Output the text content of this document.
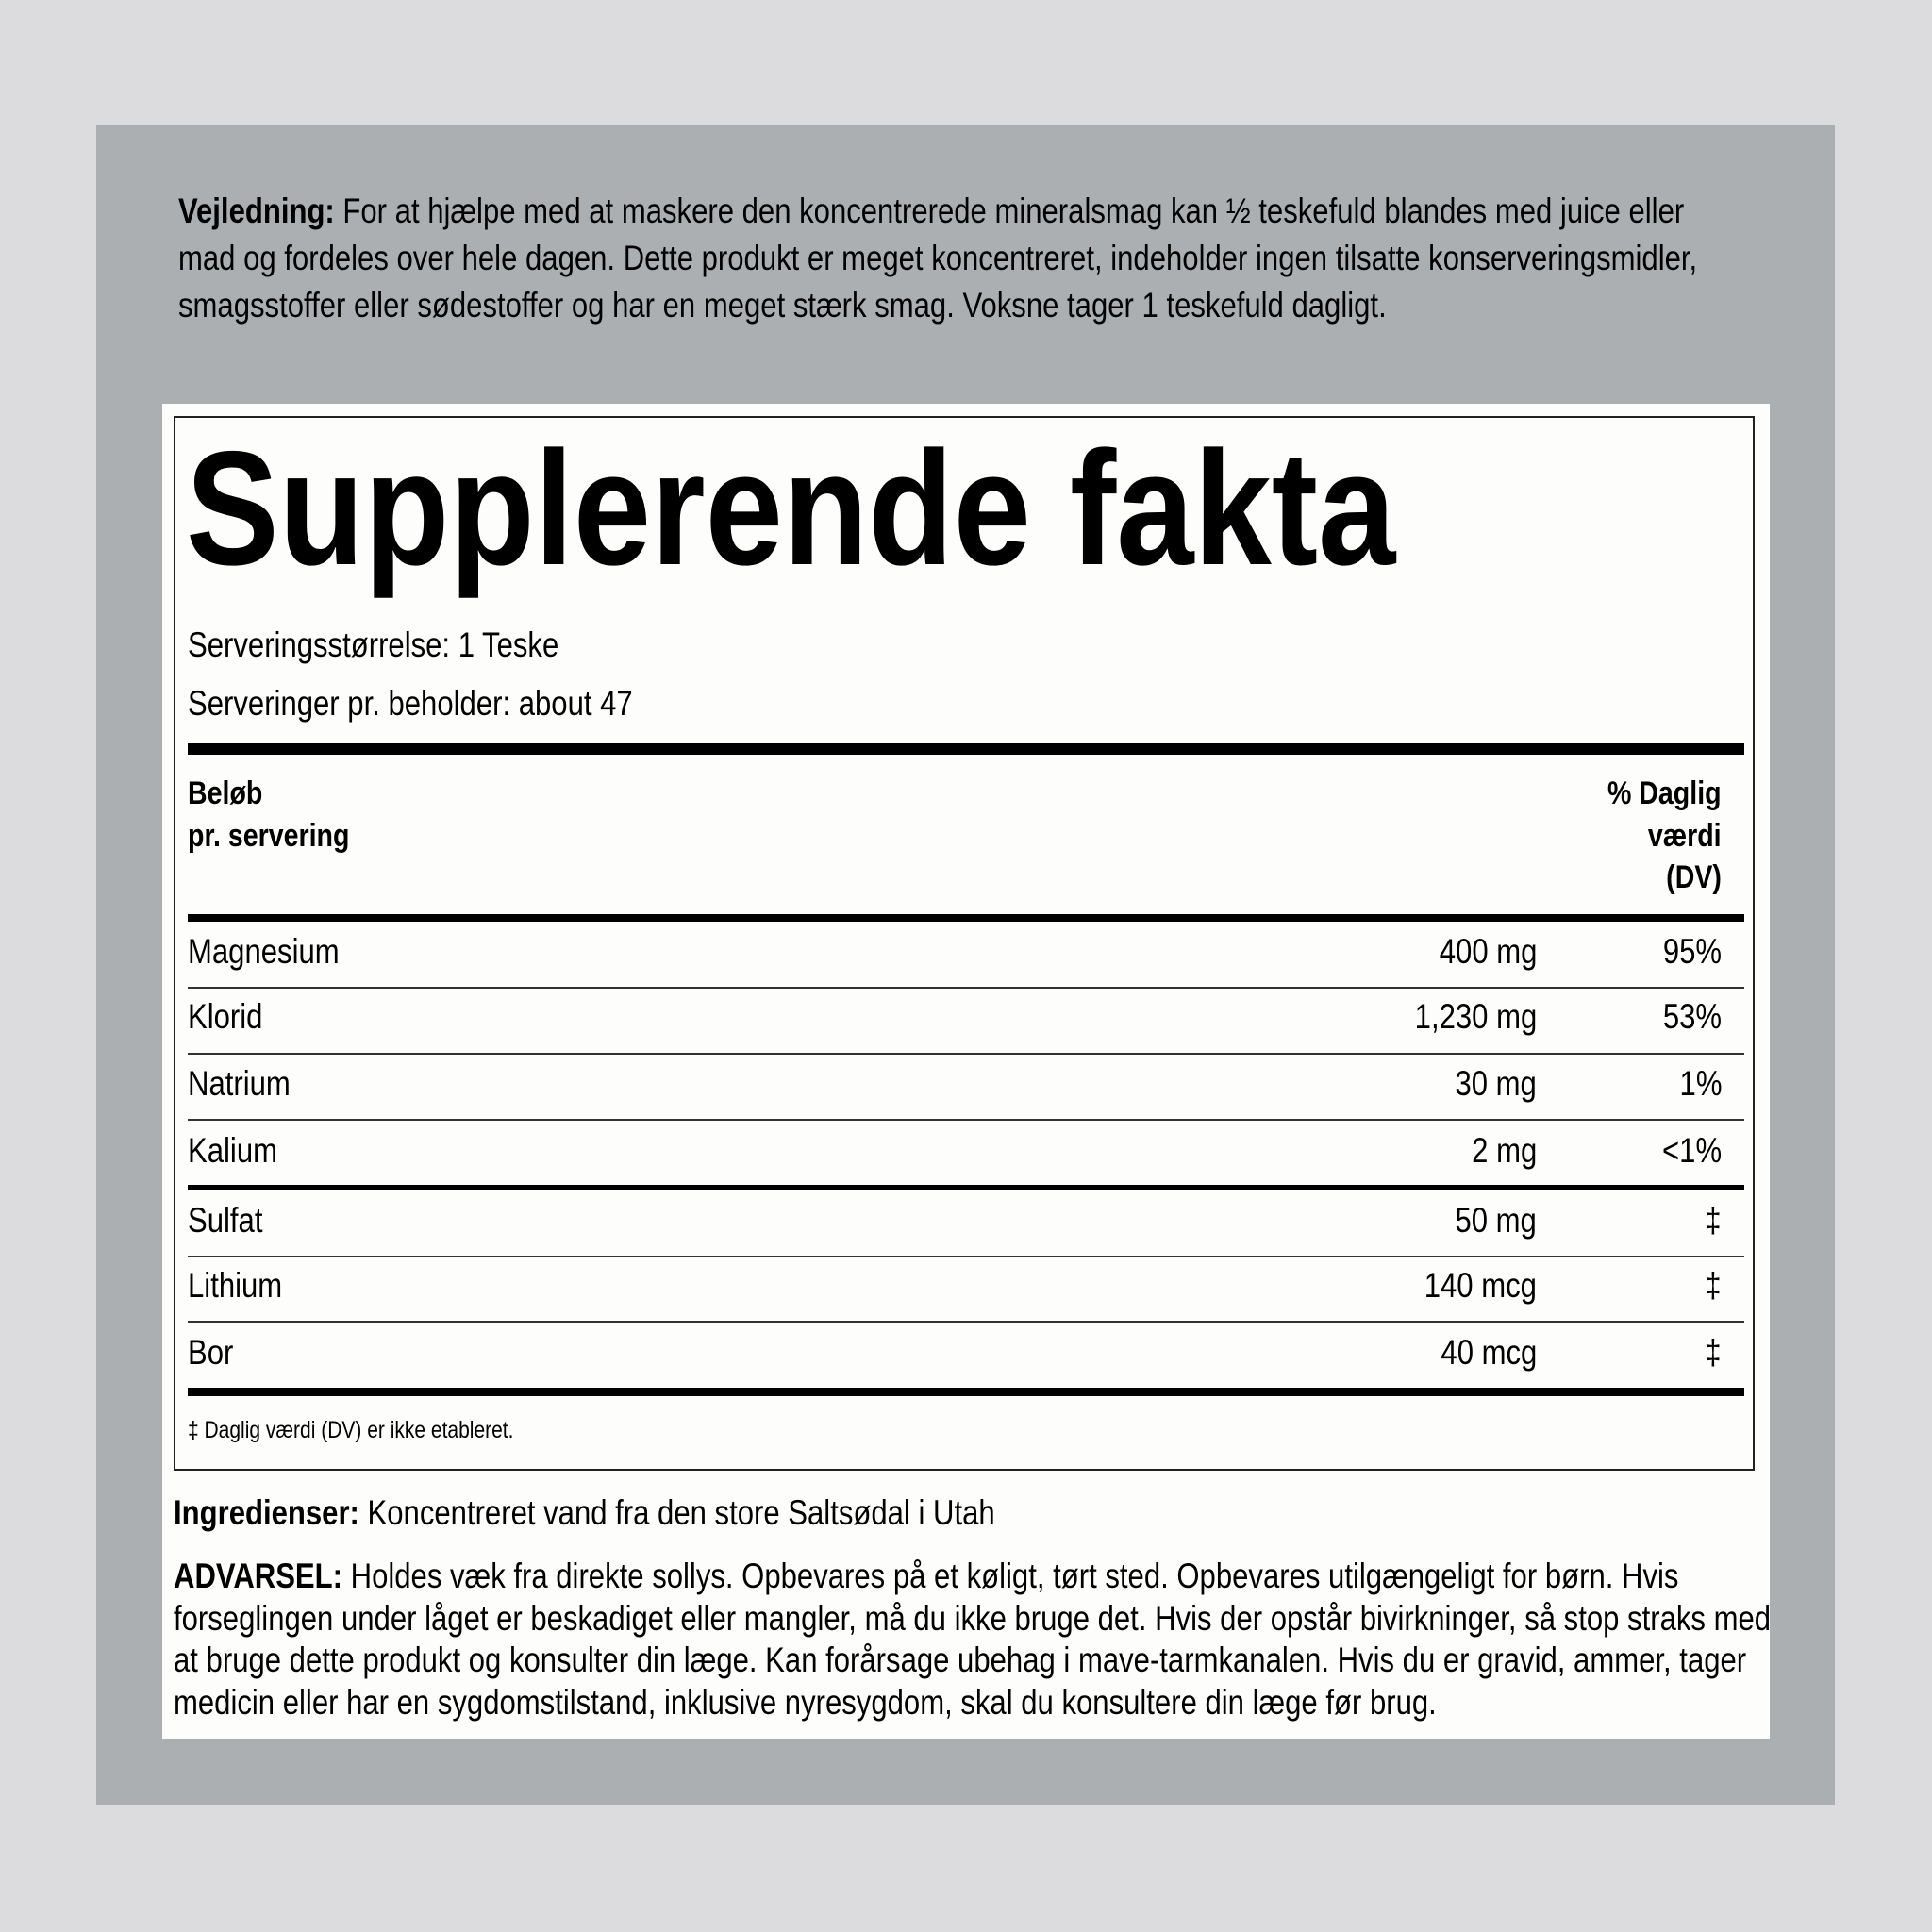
Vejledning: For at hjælpe med at maskere den koncentrerede mineralsmag kan ½ teskefuld blandes med juice eller mad og fordeles over hele dagen. Dette produkt er meget koncentreret, indeholder ingen tilsatte konserveringsmidler, smagsstoffer eller sødestoffer og har en meget stærk smag. Voksne tager 1 teskefuld dagligt.
Supplerende fakta
Serveringsstørrelse: 1 Teske
Serveringer pr. beholder: about 47
Beløb
pr. servering
% Daglig
værdi
(DV)
Magnesium	400 mg	95%
Klorid	1,230 mg	53%
Natrium	30 mg	1%
Kalium	2 mg	<1%
Sulfat	50 mg	‡
Lithium	140 mcg	‡
Bor	40 mcg	‡
‡ Daglig værdi (DV) er ikke etableret.
Ingredienser: Koncentreret vand fra den store Saltsødal i Utah
ADVARSEL: Holdes væk fra direkte sollys. Opbevares på et køligt, tørt sted. Opbevares utilgængeligt for børn. Hvis forseglingen under låget er beskadiget eller mangler, må du ikke bruge det. Hvis der opstår bivirkninger, så stop straks med at bruge dette produkt og konsulter din læge. Kan forårsage ubehag i mave-tarmkanalen. Hvis du er gravid, ammer, tager medicin eller har en sygdomstilstand, inklusive nyresygdom, skal du konsultere din læge før brug.
